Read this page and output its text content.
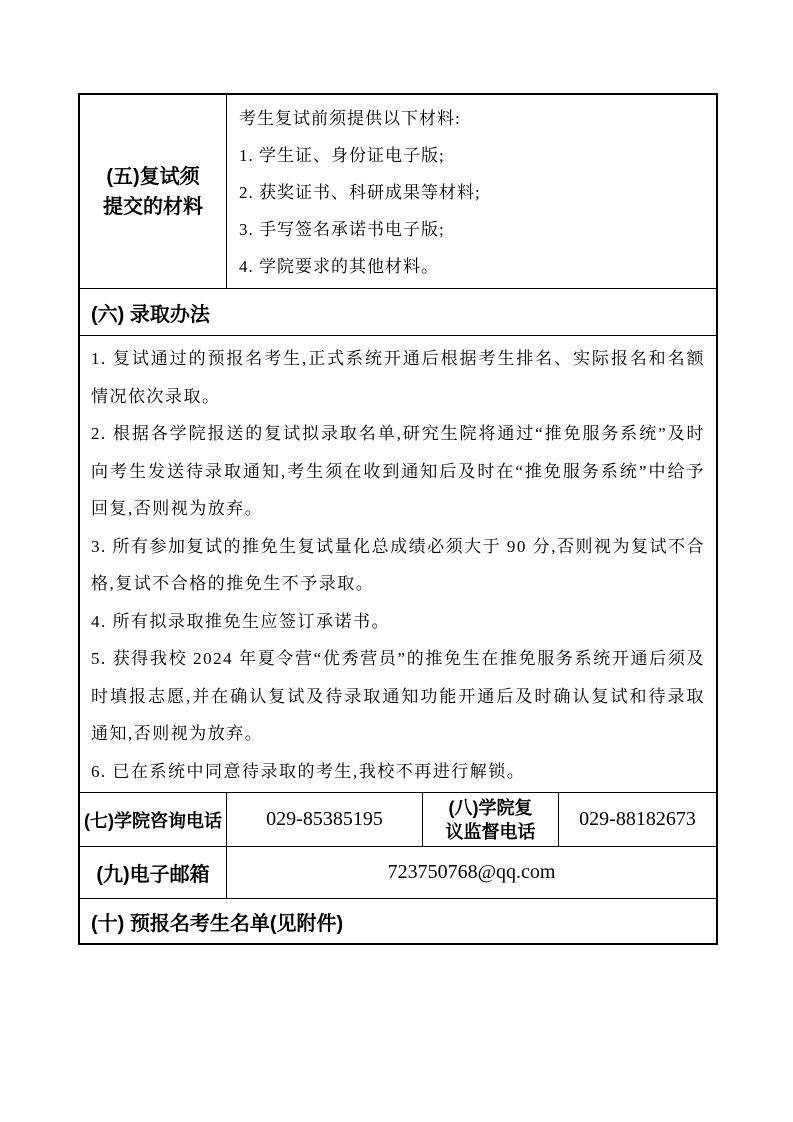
(五)复试须
提交的材料

考生复试前须提供以下材料:

1. 学生证、身份证电子版;

2. 获奖证书、科研成果等材料;

3. 手写签名承诺书电子版;

4. 学院要求的其他材料。

(六) 录取办法

1. 复试通过的预报名考生,正式系统开通后根据考生排名、实际报名和名额情况依次录取。

2. 根据各学院报送的复试拟录取名单,研究生院将通过“推免服务系统”及时向考生发送待录取通知,考生须在收到通知后及时在“推免服务系统”中给予回复,否则视为放弃。

3. 所有参加复试的推免生复试量化总成绩必须大于 90 分,否则视为复试不合格,复试不合格的推免生不予录取。

4. 所有拟录取推免生应签订承诺书。

5. 获得我校 2024 年夏令营“优秀营员”的推免生在推免服务系统开通后须及时填报志愿,并在确认复试及待录取通知功能开通后及时确认复试和待录取通知,否则视为放弃。

6. 已在系统中同意待录取的考生,我校不再进行解锁。

(七)学院咨询电话 029-85385195
(八)学院复
议监督电话
029-88182673
(九)电子邮箱	723750768@qq.com
(十) 预报名考生名单(见附件)
